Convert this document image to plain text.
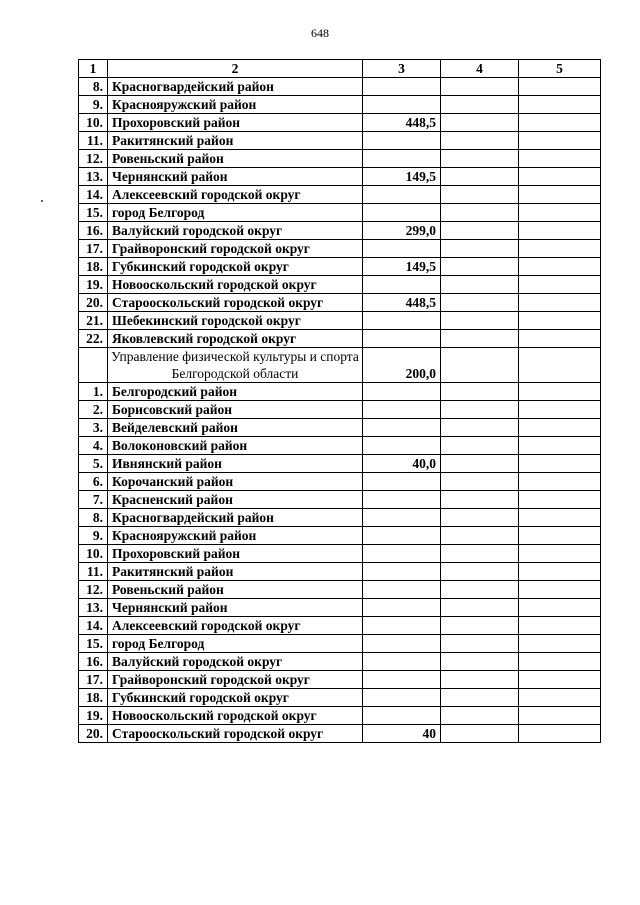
648
1	2	3	4	5
8.	Красногвардейский район			
9.	Краснояружский район			
10.	Прохоровский район	448,5		
11.	Ракитянский район			
12.	Ровеньский район			
13.	Чернянский район	149,5		
14.	Алексеевский городской округ			
15.	город Белгород			
16.	Валуйский городской округ	299,0		
17.	Грайворонский городской округ			
18.	Губкинский городской округ	149,5		
19.	Новооскольский городской округ			
20.	Старооскольский городской округ	448,5		
21.	Шебекинский городской округ			
22.	Яковлевский городской округ			
	Управление физической культуры и спорта Белгородской области	200,0		
1.	Белгородский район			
2.	Борисовский район			
3.	Вейделевский район			
4.	Волоконовский район			
5.	Ивнянский район	40,0		
6.	Корочанский район			
7.	Красненский район			
8.	Красногвардейский район			
9.	Краснояружский район			
10.	Прохоровский район			
11.	Ракитянский район			
12.	Ровеньский район			
13.	Чернянский район			
14.	Алексеевский городской округ			
15.	город Белгород			
16.	Валуйский городской округ			
17.	Грайворонский городской округ			
18.	Губкинский городской округ			
19.	Новооскольский городской округ			
20.	Старооскольский городской округ	40		
